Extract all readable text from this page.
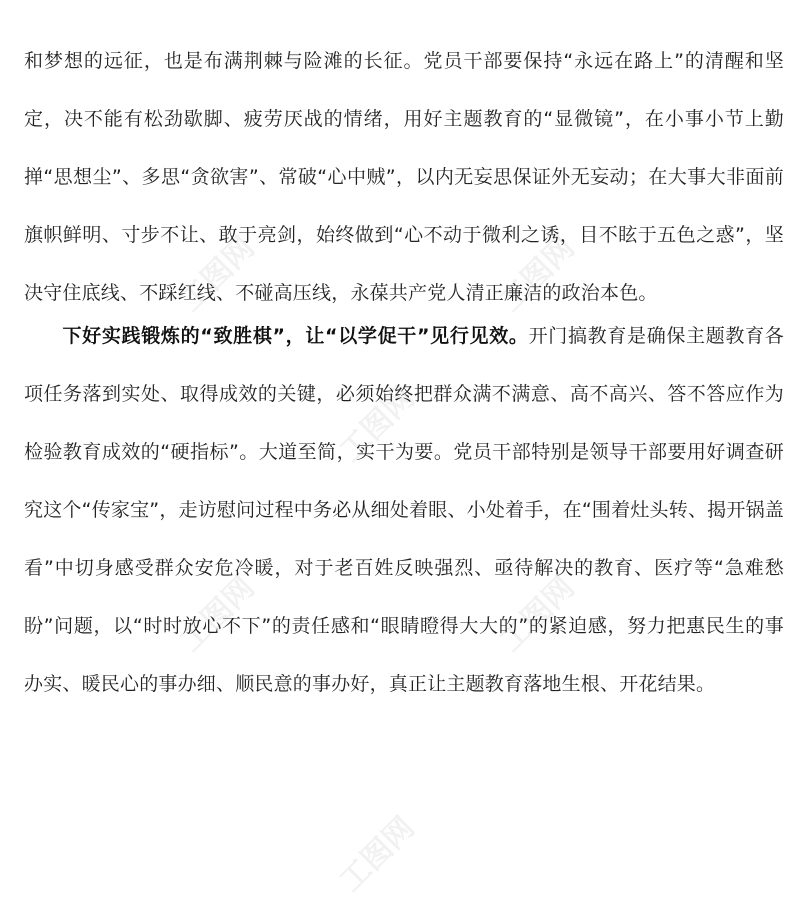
工图网	工图网
工图网
工图网	工图网
工图网

和梦想的远征，也是布满荆棘与险滩的长征。党员干部要保持“永远在路上”的清醒和坚定，决不能有松劲歇脚、疲劳厌战的情绪，用好主题教育的“显微镜”，在小事小节上勤掸“思想尘”、多思“贪欲害”、常破“心中贼”，以内无妄思保证外无妄动；在大事大非面前旗帜鲜明、寸步不让、敢于亮剑，始终做到“心不动于微利之诱，目不眩于五色之惑”，坚决守住底线、不踩红线、不碰高压线，永葆共产党人清正廉洁的政治本色。

下好实践锻炼的“致胜棋”，让“以学促干”见行见效。开门搞教育是确保主题教育各项任务落到实处、取得成效的关键，必须始终把群众满不满意、高不高兴、答不答应作为检验教育成效的“硬指标”。大道至简，实干为要。党员干部特别是领导干部要用好调查研究这个“传家宝”，走访慰问过程中务必从细处着眼、小处着手，在“围着灶头转、揭开锅盖看”中切身感受群众安危冷暖，对于老百姓反映强烈、亟待解决的教育、医疗等“急难愁盼”问题，以“时时放心不下”的责任感和“眼睛瞪得大大的”的紧迫感，努力把惠民生的事办实、暖民心的事办细、顺民意的事办好，真正让主题教育落地生根、开花结果。
